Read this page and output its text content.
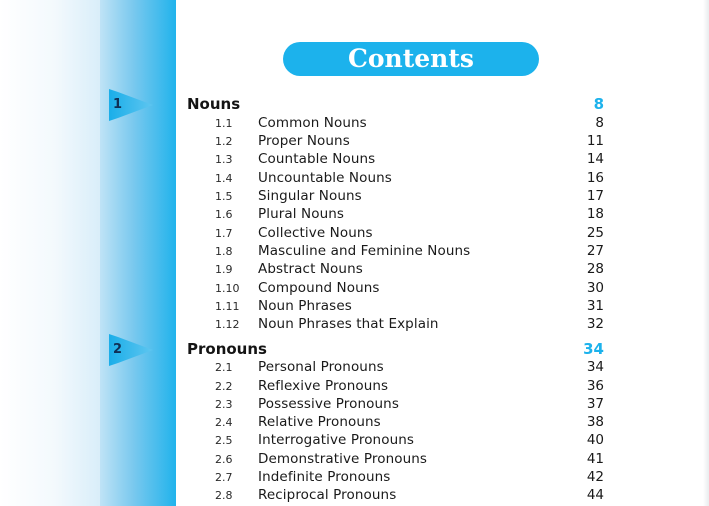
Contents
1	Nouns	8
1.1 Common Nouns	8
1.2 Proper Nouns	11
1.3 Countable Nouns	14
1.4 Uncountable Nouns	16
1.5 Singular Nouns	17
1.6 Plural Nouns	18
1.7 Collective Nouns	25
1.8 Masculine and Feminine Nouns	27
1.9 Abstract Nouns	28
1.10 Compound Nouns	30
1.11 Noun Phrases	31
1.12 Noun Phrases that Explain	32
2	Pronouns	34
2.1 Personal Pronouns	34
2.2 Reflexive Pronouns	36
2.3 Possessive Pronouns	37
2.4 Relative Pronouns	38
2.5 Interrogative Pronouns	40
2.6 Demonstrative Pronouns	41
2.7 Indefinite Pronouns	42
2.8 Reciprocal Pronouns	44
